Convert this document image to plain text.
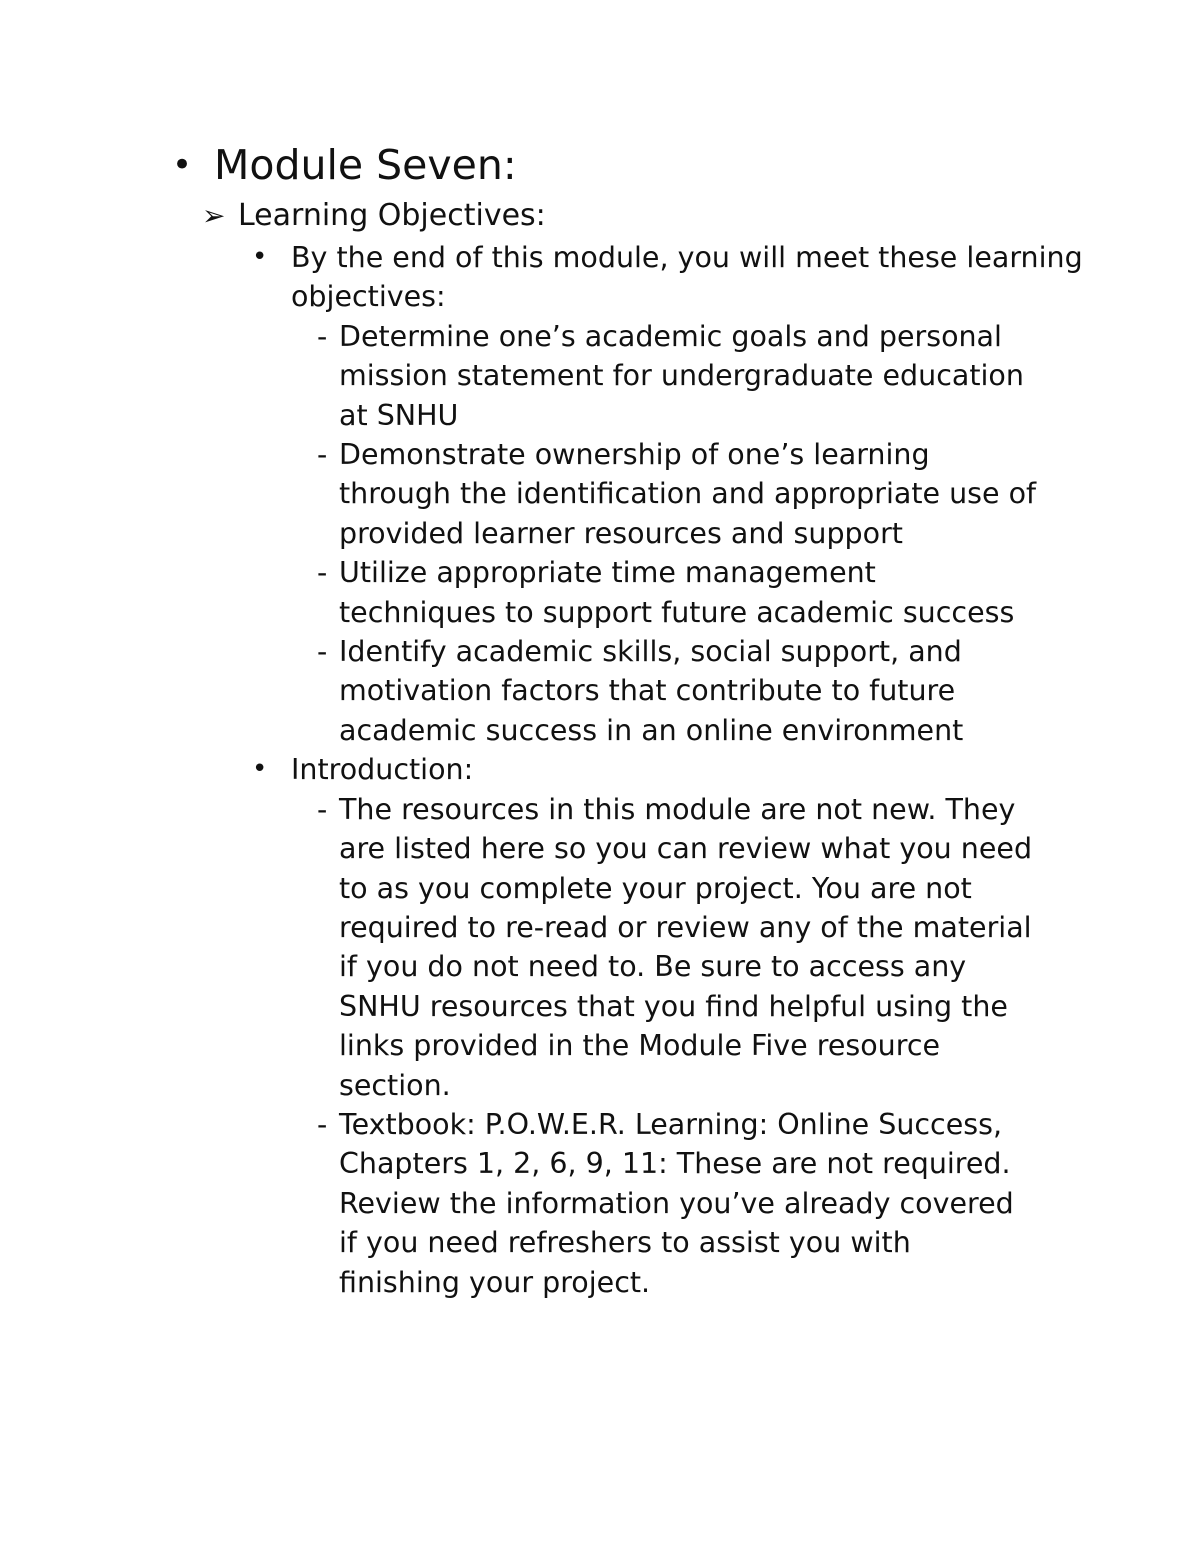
• Module Seven:
➢ Learning Objectives:
• By the end of this module, you will meet these learning objectives:
- Determine one’s academic goals and personal mission statement for undergraduate education at SNHU
- Demonstrate ownership of one’s learning through the identification and appropriate use of provided learner resources and support
- Utilize appropriate time management techniques to support future academic success
- Identify academic skills, social support, and motivation factors that contribute to future academic success in an online environment
• Introduction:
- The resources in this module are not new. They are listed here so you can review what you need to as you complete your project. You are not required to re-read or review any of the material if you do not need to. Be sure to access any SNHU resources that you find helpful using the links provided in the Module Five resource section.
- Textbook: P.O.W.E.R. Learning: Online Success, Chapters 1, 2, 6, 9, 11: These are not required. Review the information you’ve already covered if you need refreshers to assist you with finishing your project.
